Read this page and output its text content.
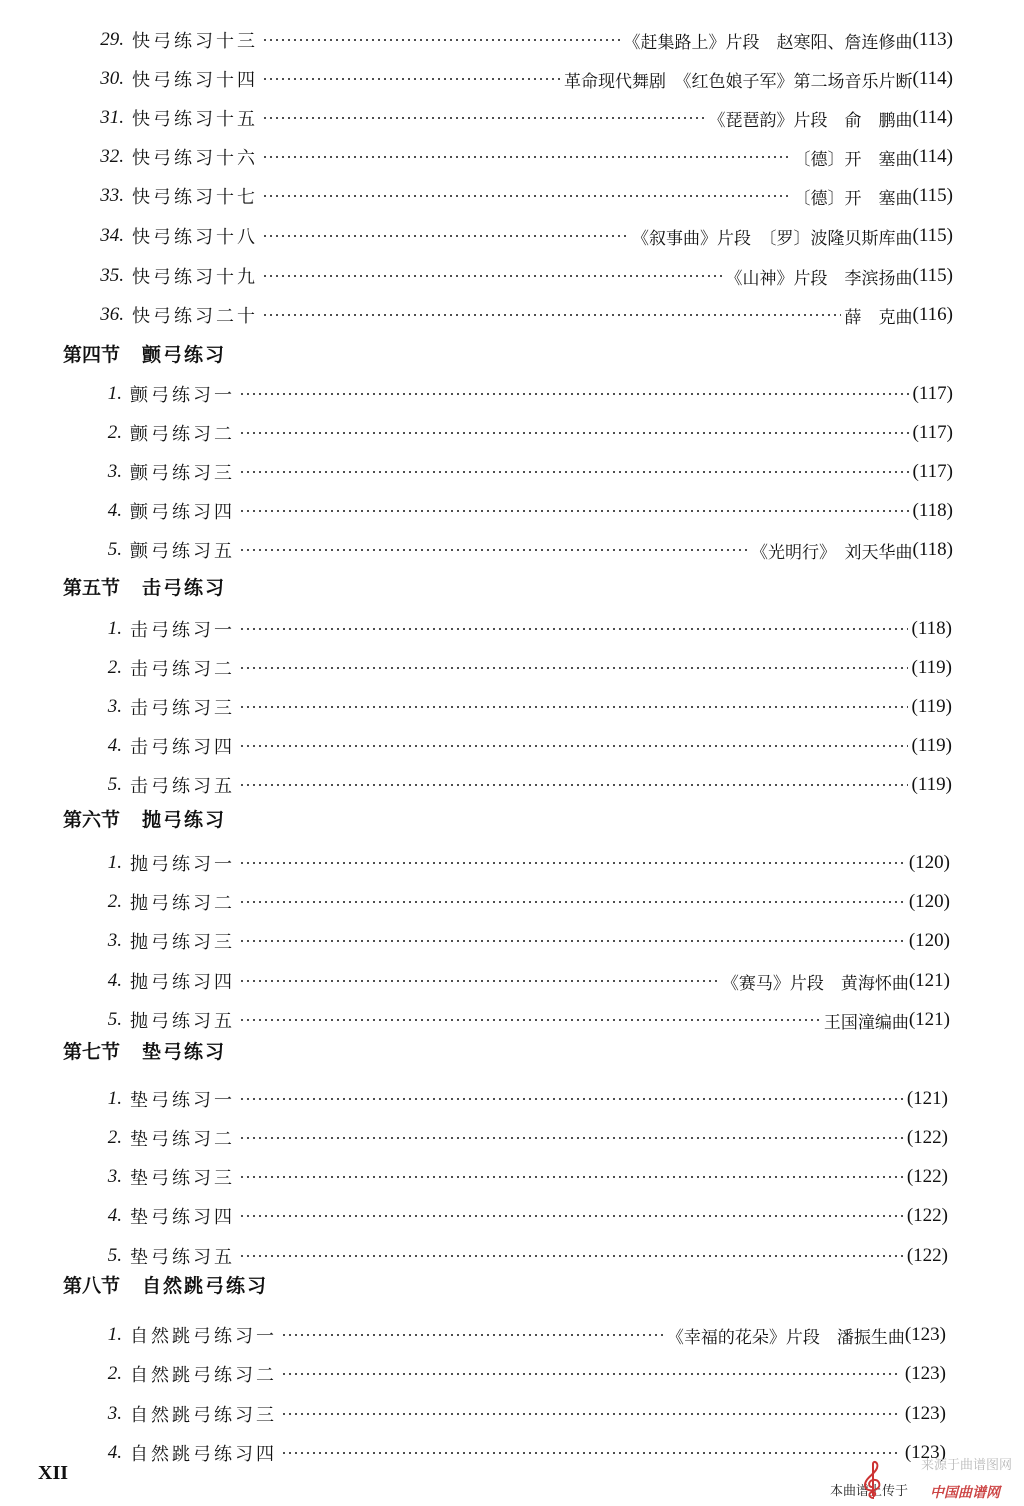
29. 快弓练习十三	《赶集路上》片段　赵寒阳、詹连修曲 (113)
30. 快弓练习十四	革命现代舞剧　《红色娘子军》第二场音乐片断 (114)
31. 快弓练习十五	《琵琶韵》片段　俞　鹏曲 (114)
32. 快弓练习十六	〔德〕开　塞曲 (114)
33. 快弓练习十七	〔德〕开　塞曲 (115)
34. 快弓练习十八	《叙事曲》片段　〔罗〕波隆贝斯库曲 (115)
35. 快弓练习十九	《山神》片段　李滨扬曲 (115)
36. 快弓练习二十	薛　克曲 (116)
第四节 颤弓练习
1. 颤弓练习一	(117)
2. 颤弓练习二	(117)
3. 颤弓练习三	(117)
4. 颤弓练习四	(118)
5. 颤弓练习五	《光明行》　刘天华曲 (118)
第五节 击弓练习
1. 击弓练习一	(118)
2. 击弓练习二	(119)
3. 击弓练习三	(119)
4. 击弓练习四	(119)
5. 击弓练习五	(119)
第六节 抛弓练习
1. 抛弓练习一	(120)
2. 抛弓练习二	(120)
3. 抛弓练习三	(120)
4. 抛弓练习四	《赛马》片段　黄海怀曲 (121)
5. 抛弓练习五	王国潼编曲 (121)
第七节 垫弓练习
1. 垫弓练习一	(121)
2. 垫弓练习二	(122)
3. 垫弓练习三	(122)
4. 垫弓练习四	(122)
5. 垫弓练习五	(122)
第八节 自然跳弓练习
1. 自然跳弓练习一	《幸福的花朵》片段　潘振生曲 (123)
2. 自然跳弓练习二	(123)
3. 自然跳弓练习三	(123)
4. 自然跳弓练习四	(123)
XII	来源于曲谱图网
本曲谱上传于 中国曲谱网
